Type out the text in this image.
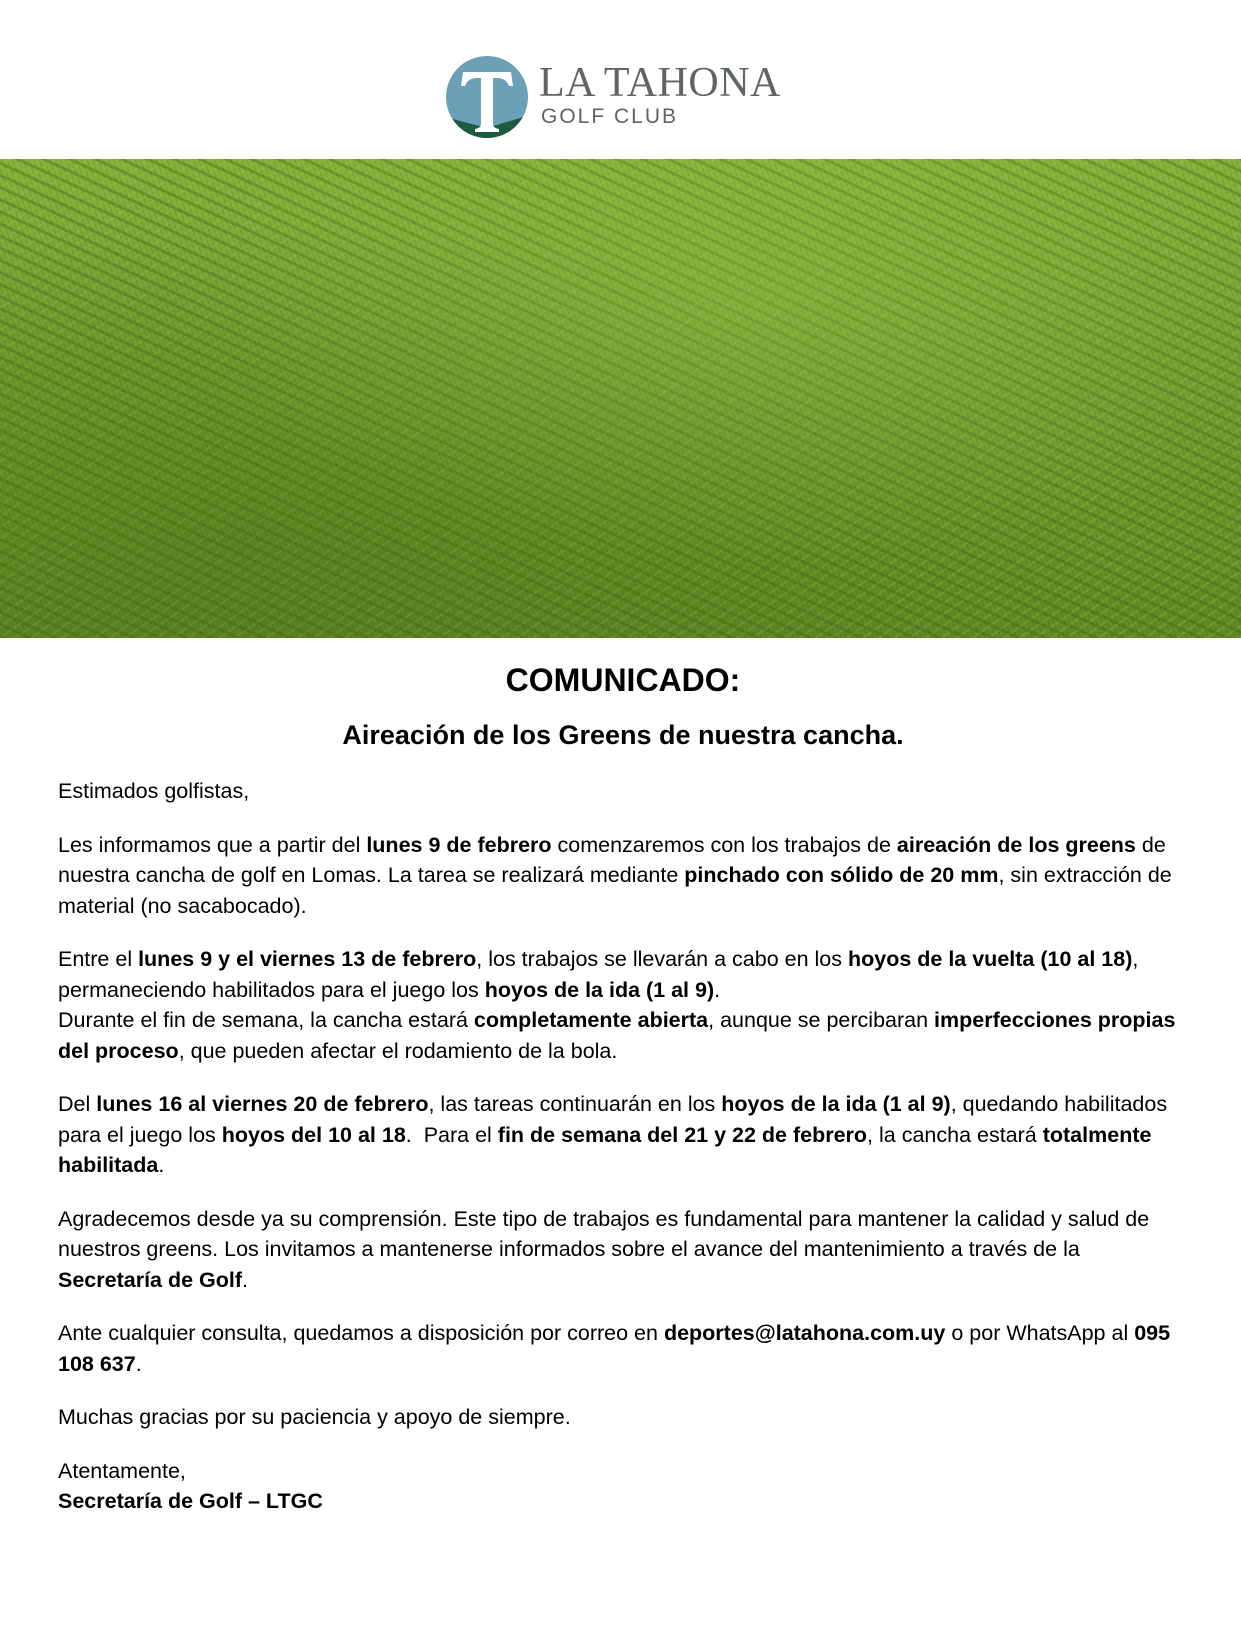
LA TAHONA
GOLF CLUB
COMUNICADO:
Aireación de los Greens de nuestra cancha.

Estimados golfistas,

Les informamos que a partir del lunes 9 de febrero comenzaremos con los trabajos de aireación de los greens de nuestra cancha de golf en Lomas. La tarea se realizará mediante pinchado con sólido de 20 mm, sin extracción de material (no sacabocado).

Entre el lunes 9 y el viernes 13 de febrero, los trabajos se llevarán a cabo en los hoyos de la vuelta (10 al 18), permaneciendo habilitados para el juego los hoyos de la ida (1 al 9).
Durante el fin de semana, la cancha estará completamente abierta, aunque se percibaran imperfecciones propias del proceso, que pueden afectar el rodamiento de la bola.

Del lunes 16 al viernes 20 de febrero, las tareas continuarán en los hoyos de la ida (1 al 9), quedando habilitados para el juego los hoyos del 10 al 18.  Para el fin de semana del 21 y 22 de febrero, la cancha estará totalmente habilitada.

Agradecemos desde ya su comprensión. Este tipo de trabajos es fundamental para mantener la calidad y salud de nuestros greens. Los invitamos a mantenerse informados sobre el avance del mantenimiento a través de la Secretaría de Golf.

Ante cualquier consulta, quedamos a disposición por correo en deportes@latahona.com.uy o por WhatsApp al 095 108 637.

Muchas gracias por su paciencia y apoyo de siempre.

Atentamente,
Secretaría de Golf – LTGC
